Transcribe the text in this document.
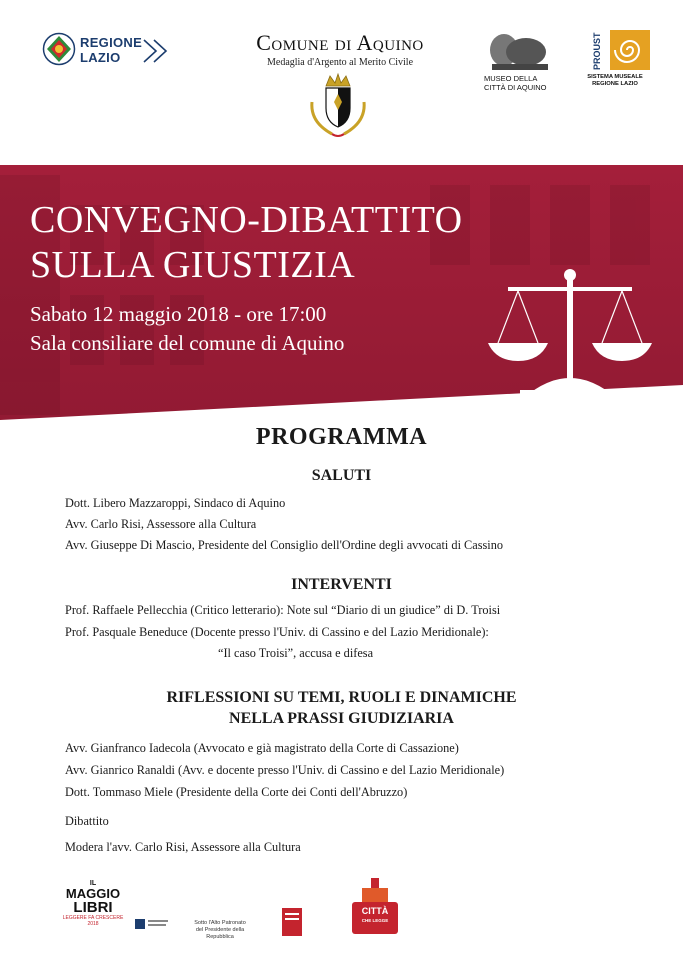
REGIONE
LAZIO
Comune di Aquino
Medaglia d'Argento al Merito Civile
MUSEO DELLA
CITTÀ DI AQUINO
PROUST
SISTEMA MUSEALE
REGIONE LAZIO
CONVEGNO-DIBATTITO
SULLA GIUSTIZIA
Sabato 12 maggio 2018 - ore 17:00
Sala consiliare del comune di Aquino
PROGRAMMA
SALUTI
Dott. Libero Mazzaroppi, Sindaco di Aquino
Avv. Carlo Risi, Assessore alla Cultura
Avv. Giuseppe Di Mascio, Presidente del Consiglio dell'Ordine degli avvocati di Cassino
INTERVENTI
Prof. Raffaele Pellecchia (Critico letterario): Note sul “Diario di un giudice” di D. Troisi
Prof. Pasquale Beneduce (Docente presso l'Univ. di Cassino e del Lazio Meridionale):
“Il caso Troisi”, accusa e difesa
RIFLESSIONI SU TEMI, RUOLI E DINAMICHE
NELLA PRASSI GIUDIZIARIA
Avv. Gianfranco Iadecola (Avvocato e già magistrato della Corte di Cassazione)
Avv. Gianrico Ranaldi (Avv. e docente presso l'Univ. di Cassino e del Lazio Meridionale)
Dott. Tommaso Miele (Presidente della Corte dei Conti dell'Abruzzo)
Dibattito
Modera l'avv. Carlo Risi, Assessore alla Cultura
IL
MAGGIO
LIBRI
LEGGERE FA CRESCERE
2018	Sotto l'Alto Patronato
del Presidente della Repubblica
CITTÀ
CHE LEGGE
